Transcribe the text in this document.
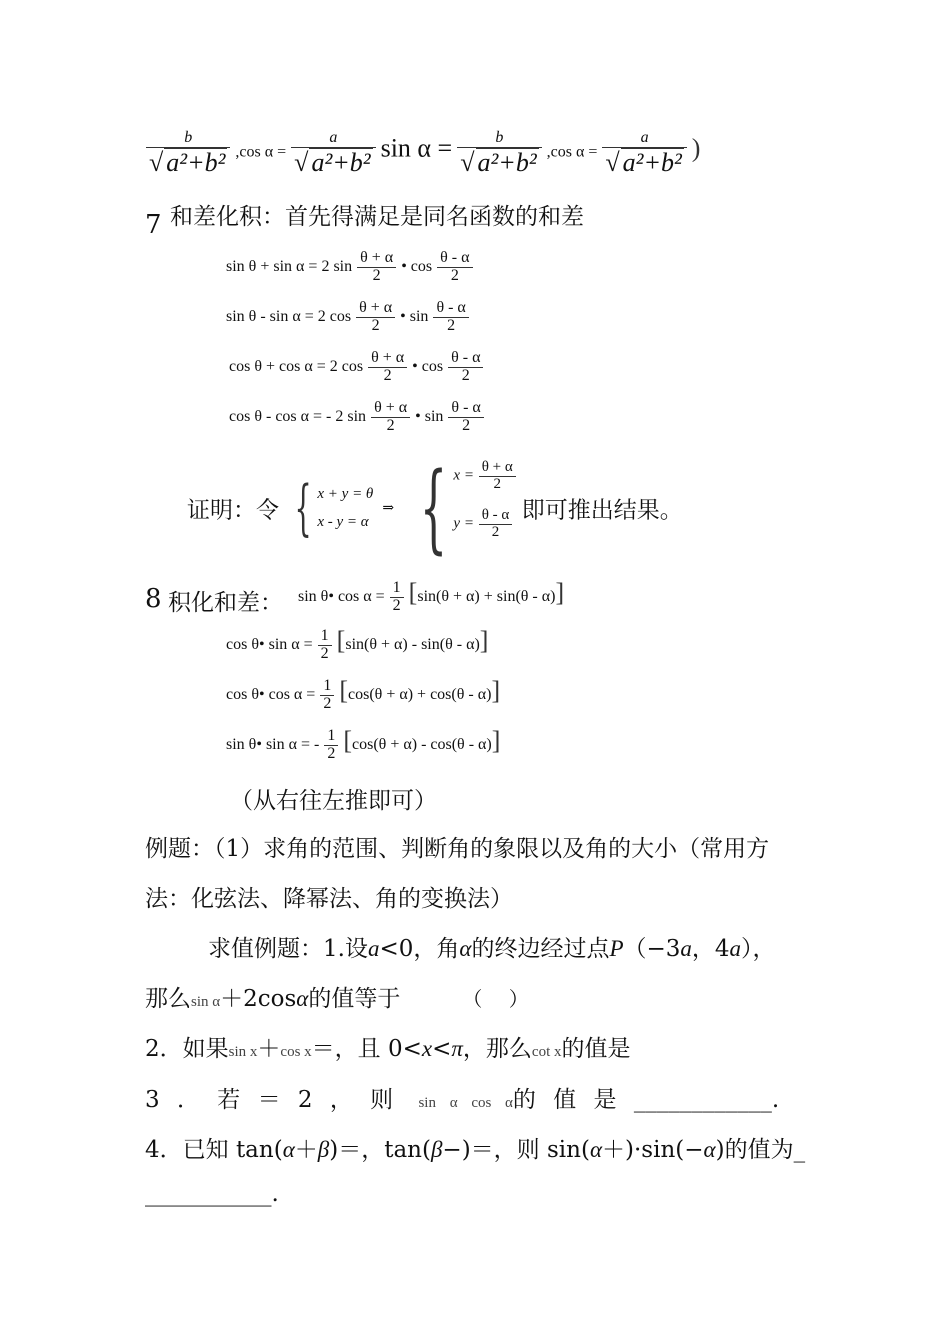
b
√ a²+b² ,cos α =
a
√ a²+b² sin α =	b
√ a²+b² ,cos α =
a
√ a²+b² )
7 和差化积：首先得满足是同名函数的和差
sin θ + sin α = 2 $\sin \frac{\theta + \alpha}{2}$ • $\cos \frac{\theta - \alpha}{2}$
sin θ - sin α = 2 $\cos \frac{\theta + \alpha}{2}$ • $\sin \frac{\theta - \alpha}{2}$
cos θ + cos α = 2 $\cos \frac{\theta + \alpha}{2}$ • $\cos \frac{\theta - \alpha}{2}$
cos θ - cos α = - 2 $\sin \frac{\theta + \alpha}{2}$ • $\sin \frac{\theta - \alpha}{2}$
证明：令 { x + y = θ
x - y = α
⇒ { $x = \frac{\theta + \alpha}{2}$
$y = \frac{\theta - \alpha}{2}$ 即可推出结果。
8 积化和差： sin θ• $\cos \alpha = \frac{1}{2} [\sin(\theta + \alpha) + \sin(\theta - \alpha)]$
cos θ• $\sin \alpha = \frac{1}{2} [\sin(\theta + \alpha) - \sin(\theta - \alpha)]$
cos θ• $\cos \alpha = \frac{1}{2} [\cos(\theta + \alpha) + \cos(\theta - \alpha)]$
sin θ• sin α = - $\frac{1}{2} [\cos(\theta + \alpha) - \cos(\theta - \alpha)]$
（从右往左推即可）
例题：（1）求角的范围、判断角的象限以及角的大小（常用方
法：化弦法、降幂法、角的变换法）
求值例题：1.设a<0，角α的终边经过点P（−3a，4a），
那么sin α＋2cosα的值等于	（　 ）
2．如果sin x＋cos x＝，且 0<x<π，那么cot x的值是
3 ． 若 ＝ 2 ， 则 sin α cos α的 值 是 ____________.
4．已知 tan(α＋β)＝，tan(β−)＝，则 sin(α＋)·sin(−α)的值为_
___________.
